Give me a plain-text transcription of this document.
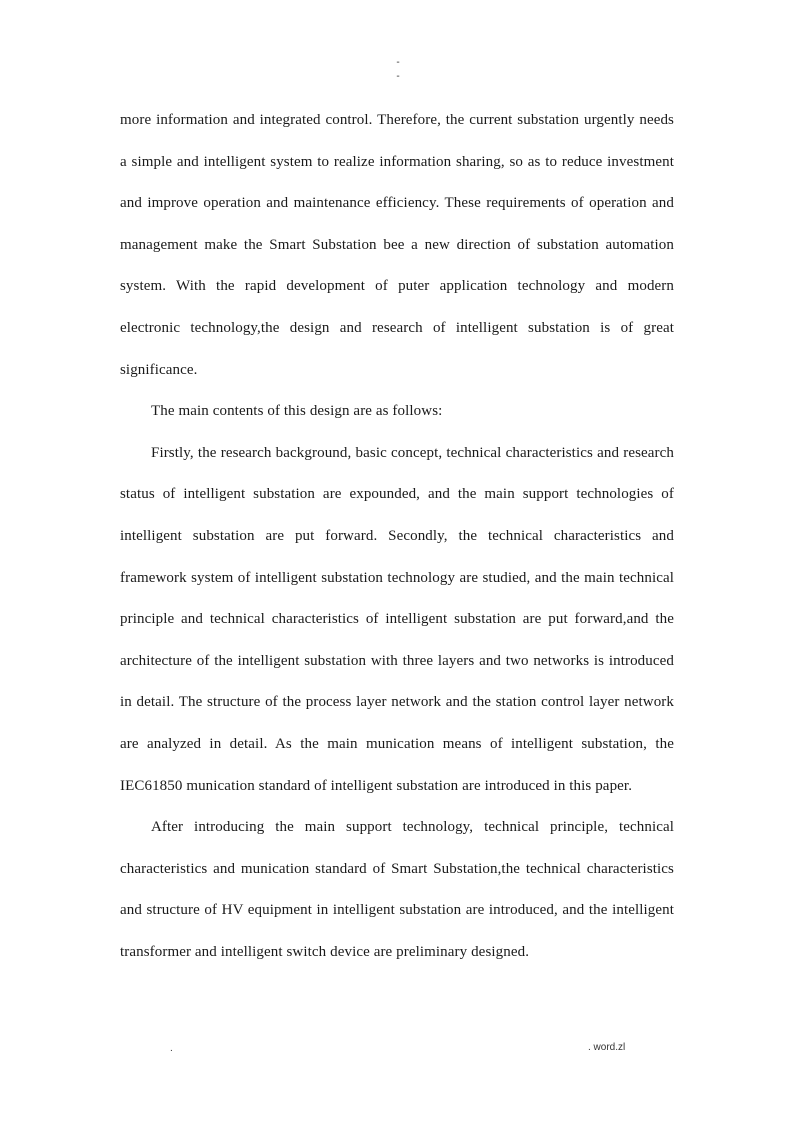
-
-

more information and integrated control. Therefore, the current substation urgently needs a simple and intelligent system to realize information sharing, so as to reduce investment and improve operation and maintenance efficiency. These requirements of operation and management make the Smart Substation bee a new direction of substation automation system. With the rapid development of puter application technology and modern electronic technology,the design and research of intelligent substation is of great significance.

The main contents of this design are as follows:

Firstly, the research background, basic concept, technical characteristics and research status of intelligent substation are expounded, and the main support technologies of intelligent substation are put forward. Secondly, the technical characteristics and framework system of intelligent substation technology are studied, and the main technical principle and technical characteristics of intelligent substation are put forward,and the architecture of the intelligent substation with three layers and two networks is introduced in detail. The structure of the process layer network and the station control layer network are analyzed in detail. As the main munication means of intelligent substation, the IEC61850 munication standard of intelligent substation are introduced in this paper.

After introducing the main support technology, technical principle, technical characteristics and munication standard of Smart Substation,the technical characteristics and structure of HV equipment in intelligent substation are introduced, and the intelligent transformer and intelligent switch device are preliminary designed.

.	. word.zl
